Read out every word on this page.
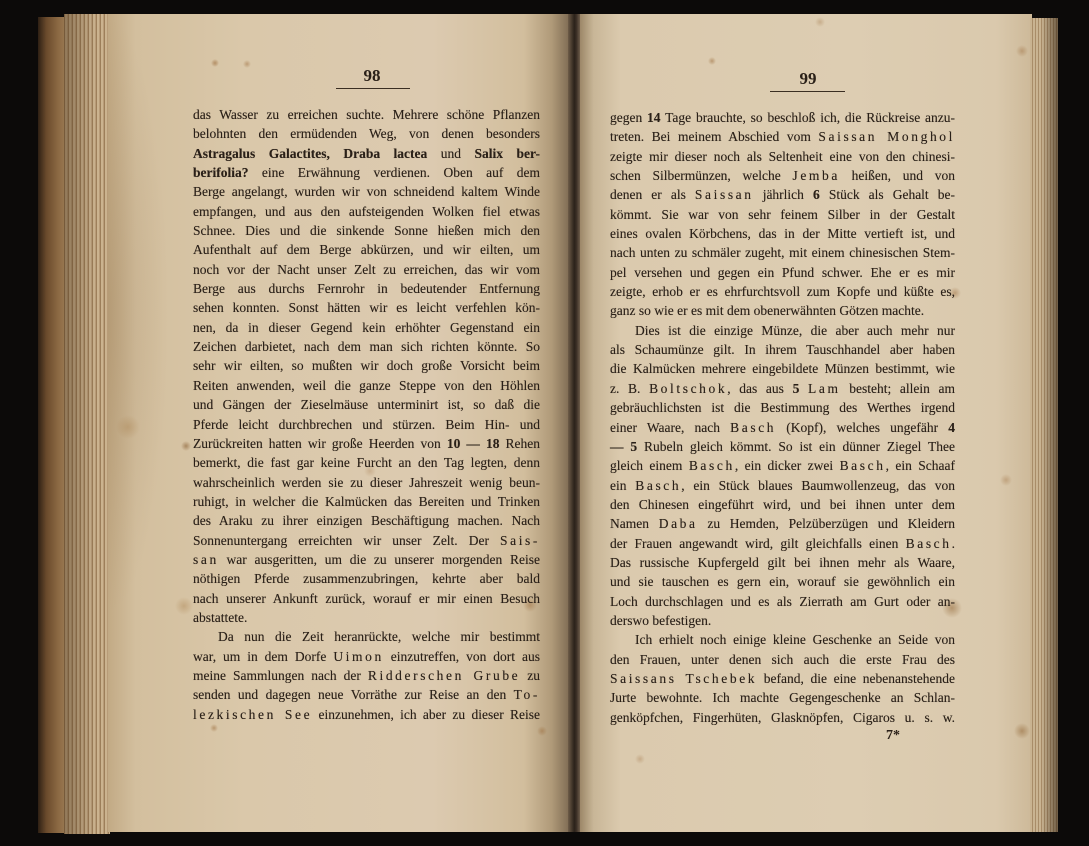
98
das Wasser zu erreichen suchte. Mehrere schöne Pflanzen
belohnten den ermüdenden Weg, von denen besonders
Astragalus Galactites, Draba lactea und Salix ber-
berifolia? eine Erwähnung verdienen. Oben auf dem
Berge angelangt, wurden wir von schneidend kaltem Winde
empfangen, und aus den aufsteigenden Wolken fiel etwas
Schnee. Dies und die sinkende Sonne hießen mich den
Aufenthalt auf dem Berge abkürzen, und wir eilten, um
noch vor der Nacht unser Zelt zu erreichen, das wir vom
Berge aus durchs Fernrohr in bedeutender Entfernung
sehen konnten. Sonst hätten wir es leicht verfehlen kön-
nen, da in dieser Gegend kein erhöhter Gegenstand ein
Zeichen darbietet, nach dem man sich richten könnte. So
sehr wir eilten, so mußten wir doch große Vorsicht beim
Reiten anwenden, weil die ganze Steppe von den Höhlen
und Gängen der Zieselmäuse unterminirt ist, so daß die
Pferde leicht durchbrechen und stürzen. Beim Hin- und
Zurückreiten hatten wir große Heerden von 10 — 18 Rehen
bemerkt, die fast gar keine Furcht an den Tag legten, denn
wahrscheinlich werden sie zu dieser Jahreszeit wenig beun-
ruhigt, in welcher die Kalmücken das Bereiten und Trinken
des Araku zu ihrer einzigen Beschäftigung machen. Nach
Sonnenuntergang erreichten wir unser Zelt. Der Sais-
san war ausgeritten, um die zu unserer morgenden Reise
nöthigen Pferde zusammenzubringen, kehrte aber bald
nach unserer Ankunft zurück, worauf er mir einen Besuch
abstattete.
Da nun die Zeit heranrückte, welche mir bestimmt
war, um in dem Dorfe Uimon einzutreffen, von dort aus
meine Sammlungen nach der Ridderschen Grube zu
senden und dagegen neue Vorräthe zur Reise an den To-
lezkischen See einzunehmen, ich aber zu dieser Reise
99
gegen 14 Tage brauchte, so beschloß ich, die Rückreise anzu-
treten. Bei meinem Abschied vom Saissan Monghol
zeigte mir dieser noch als Seltenheit eine von den chinesi-
schen Silbermünzen, welche Jemba heißen, und von
denen er als Saissan jährlich 6 Stück als Gehalt be-
kömmt. Sie war von sehr feinem Silber in der Gestalt
eines ovalen Körbchens, das in der Mitte vertieft ist, und
nach unten zu schmäler zugeht, mit einem chinesischen Stem-
pel versehen und gegen ein Pfund schwer. Ehe er es mir
zeigte, erhob er es ehrfurchtsvoll zum Kopfe und küßte es,
ganz so wie er es mit dem obenerwähnten Götzen machte.
Dies ist die einzige Münze, die aber auch mehr nur
als Schaumünze gilt. In ihrem Tauschhandel aber haben
die Kalmücken mehrere eingebildete Münzen bestimmt, wie
z. B. Boltschok, das aus 5 Lam besteht; allein am
gebräuchlichsten ist die Bestimmung des Werthes irgend
einer Waare, nach Basch (Kopf), welches ungefähr 4
— 5 Rubeln gleich kömmt. So ist ein dünner Ziegel Thee
gleich einem Basch, ein dicker zwei Basch, ein Schaaf
ein Basch, ein Stück blaues Baumwollenzeug, das von
den Chinesen eingeführt wird, und bei ihnen unter dem
Namen Daba zu Hemden, Pelzüberzügen und Kleidern
der Frauen angewandt wird, gilt gleichfalls einen Basch.
Das russische Kupfergeld gilt bei ihnen mehr als Waare,
und sie tauschen es gern ein, worauf sie gewöhnlich ein
Loch durchschlagen und es als Zierrath am Gurt oder an-
derswo befestigen.
Ich erhielt noch einige kleine Geschenke an Seide von
den Frauen, unter denen sich auch die erste Frau des
Saissans Tschebek befand, die eine nebenanstehende
Jurte bewohnte. Ich machte Gegengeschenke an Schlan-
genköpfchen, Fingerhüten, Glasknöpfen, Cigaros u. s. w.
7*
